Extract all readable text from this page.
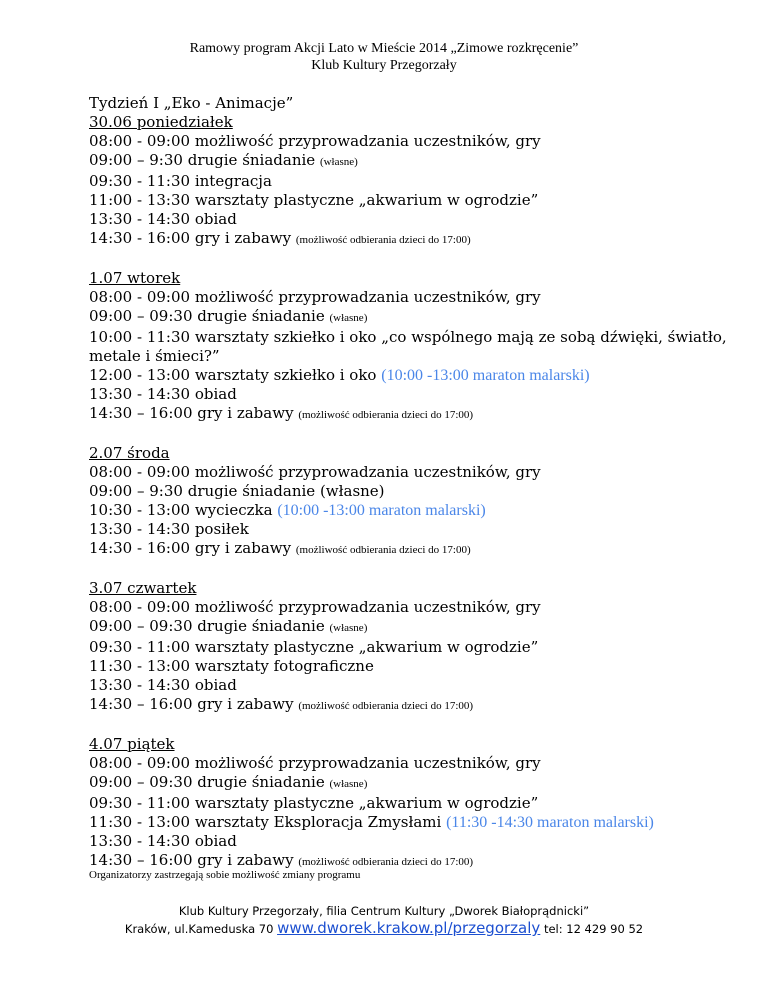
Ramowy program Akcji Lato w Mieście 2014 „Zimowe rozkręcenie”
Klub Kultury Przegorzały
Tydzień I „Eko - Animacje”
30.06 poniedziałek
08:00 - 09:00 możliwość przyprowadzania uczestników, gry
09:00 – 9:30 drugie śniadanie (własne)
09:30 - 11:30 integracja
11:00 - 13:30 warsztaty plastyczne „akwarium w ogrodzie”
13:30 - 14:30 obiad
14:30 - 16:00 gry i zabawy (możliwość odbierania dzieci do 17:00)
1.07 wtorek
08:00 - 09:00 możliwość przyprowadzania uczestników, gry
09:00 – 09:30 drugie śniadanie (własne)
10:00 - 11:30 warsztaty szkiełko i oko „co wspólnego mają ze sobą dźwięki, światło, metale i śmieci?”
12:00 - 13:00 warsztaty szkiełko i oko (10:00 -13:00 maraton malarski)
13:30 - 14:30 obiad
14:30 – 16:00 gry i zabawy (możliwość odbierania dzieci do 17:00)
2.07 środa
08:00 - 09:00 możliwość przyprowadzania uczestników, gry
09:00 – 9:30 drugie śniadanie (własne)
10:30 - 13:00 wycieczka (10:00 -13:00 maraton malarski)
13:30 - 14:30 posiłek
14:30 - 16:00 gry i zabawy (możliwość odbierania dzieci do 17:00)
3.07 czwartek
08:00 - 09:00 możliwość przyprowadzania uczestników, gry
09:00 – 09:30 drugie śniadanie (własne)
09:30 - 11:00 warsztaty plastyczne „akwarium w ogrodzie”
11:30 - 13:00 warsztaty fotograficzne
13:30 - 14:30 obiad
14:30 – 16:00 gry i zabawy (możliwość odbierania dzieci do 17:00)
4.07 piątek
08:00 - 09:00 możliwość przyprowadzania uczestników, gry
09:00 – 09:30 drugie śniadanie (własne)
09:30 - 11:00 warsztaty plastyczne „akwarium w ogrodzie”
11:30 - 13:00 warsztaty Eksploracja Zmysłami (11:30 -14:30 maraton malarski)
13:30 - 14:30 obiad
14:30 – 16:00 gry i zabawy (możliwość odbierania dzieci do 17:00)
Organizatorzy zastrzegają sobie możliwość zmiany programu
Klub Kultury Przegorzały, filia Centrum Kultury „Dworek Białoprądnicki”
Kraków, ul.Kameduska 70 www.dworek.krakow.pl/przegorzaly tel: 12 429 90 52
